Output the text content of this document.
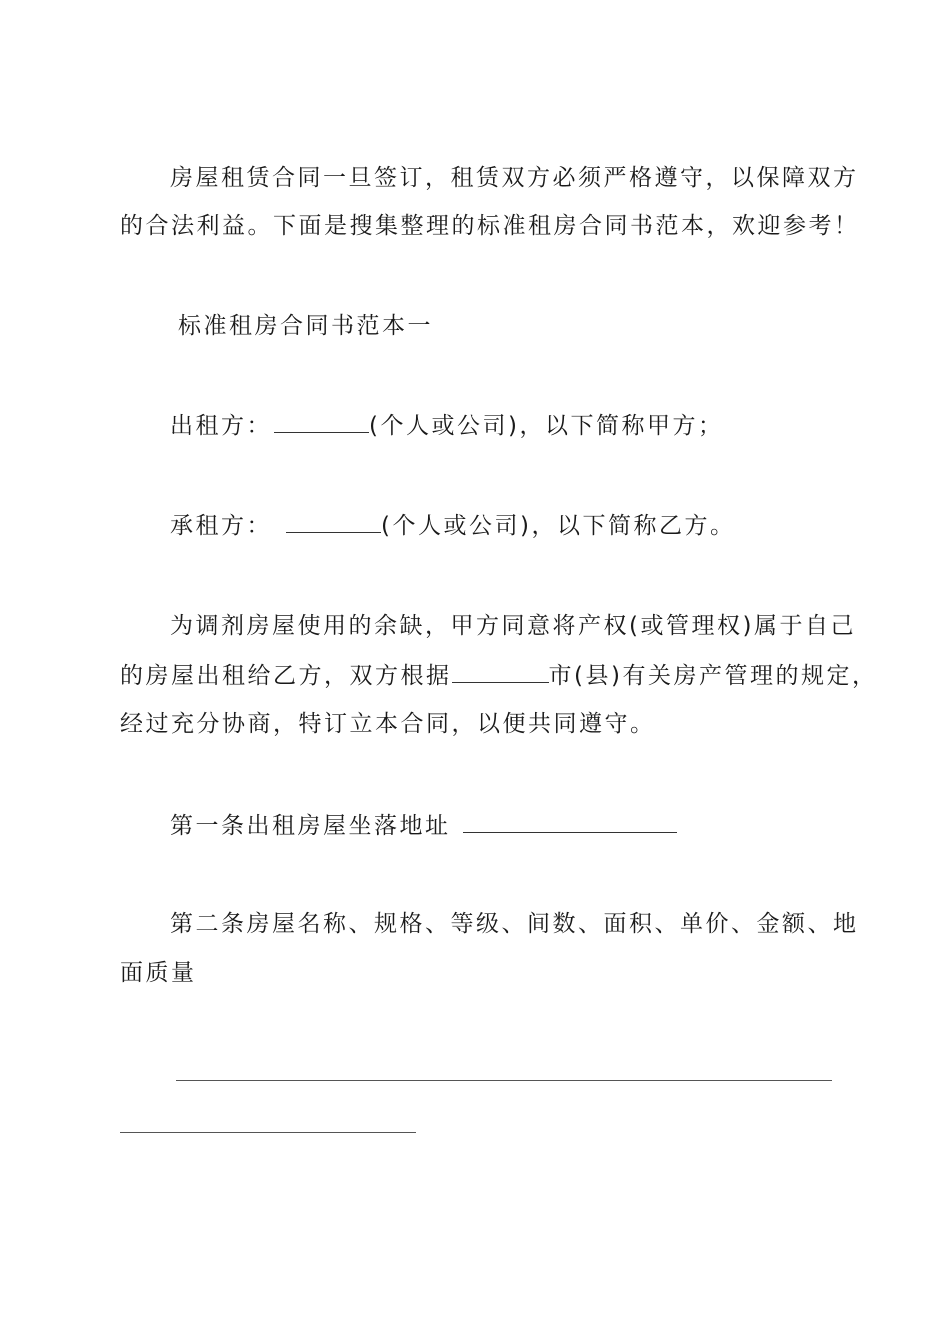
房屋租赁合同一旦签订，租赁双方必须严格遵守，以保障双方
的合法利益。下面是搜集整理的标准租房合同书范本，欢迎参考！
标准租房合同书范本一
出租方：	(个人或公司)，以下简称甲方；
承租方：	(个人或公司)，以下简称乙方。
为调剂房屋使用的余缺，甲方同意将产权(或管理权)属于自己
的房屋出租给乙方，双方根据	市(县)有关房产管理的规定，
经过充分协商，特订立本合同，以便共同遵守。
第一条出租房屋坐落地址
第二条房屋名称、规格、等级、间数、面积、单价、金额、地
面质量
